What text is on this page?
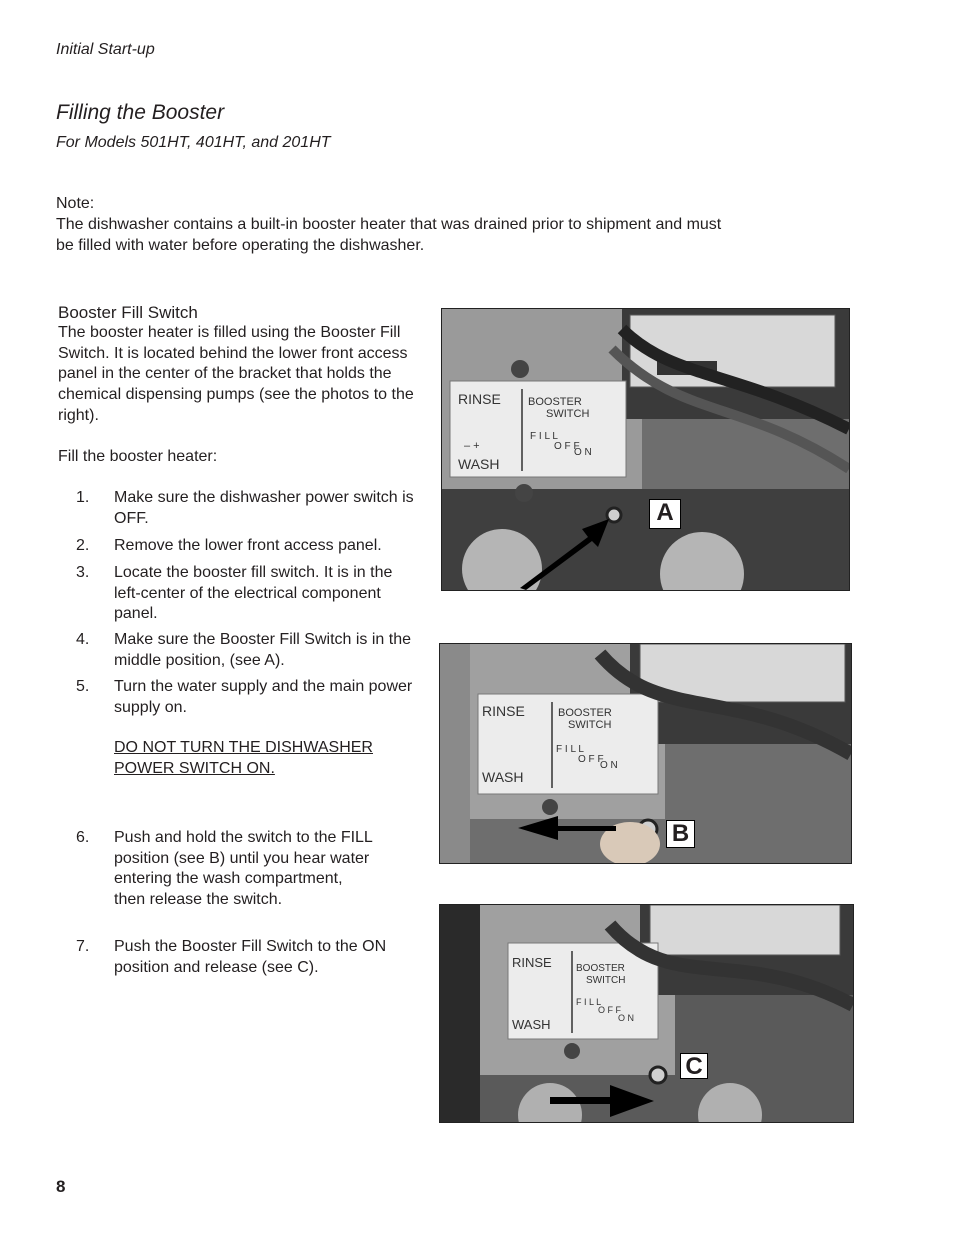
Initial Start-up
Filling the Booster
For Models 501HT, 401HT, and 201HT
Note:
The dishwasher contains a built-in booster heater that was drained prior to shipment and must be filled with water before operating the dishwasher.
Booster Fill Switch

The booster heater is filled using the Booster Fill Switch. It is located behind the lower front access panel in the center of the bracket that holds the chemical dispensing pumps (see the photos to the right).

Fill the booster heater:

1.	Make sure the dishwasher power switch is OFF.
2.	Remove the lower front access panel.
3.	Locate the booster fill switch. It is in the left-center of the electrical component panel.
4.	Make sure the Booster Fill Switch is in the middle position, (see A).
5.	Turn the water supply and the main power supply on.
DO NOT TURN THE DISHWASHER POWER SWITCH ON.
6.	Push and hold the switch to the FILL position (see B) until you hear water entering the wash compartment, then release the switch.
7.	Push the Booster Fill Switch to the ON position and release (see C).
RINSE
WASH
BOOSTER
SWITCH
– +
F I L L
O F F
O N
A
RINSE
WASH
BOOSTER
SWITCH
F I L L
O F F
O N
B
RINSE
WASH
BOOSTER
SWITCH
F I L L
O F F
O N
C
8
